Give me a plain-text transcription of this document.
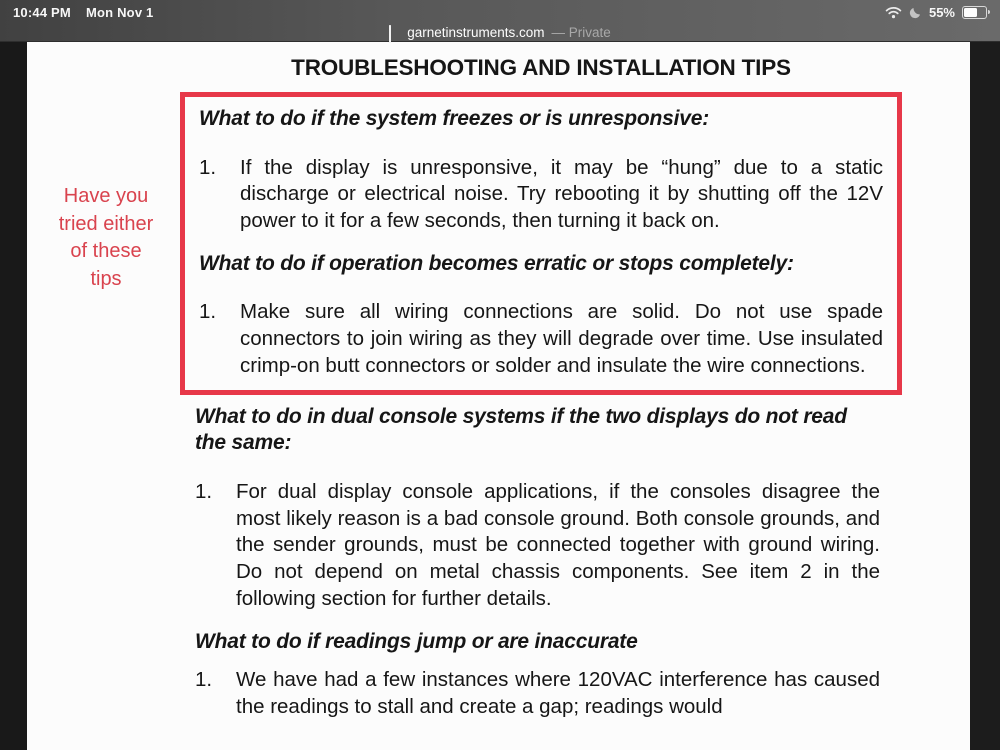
10:44 PM Mon Nov 1	55%
garnetinstruments.com — Private
Have you
tried either
of these
tips
TROUBLESHOOTING AND INSTALLATION TIPS
What to do if the system freezes or is unresponsive:
1.	If the display is unresponsive, it may be “hung” due to a static discharge or electrical noise. Try rebooting it by shutting off the 12V power to it for a few seconds, then turning it back on.
What to do if operation becomes erratic or stops completely:
1.	Make sure all wiring connections are solid. Do not use spade connectors to join wiring as they will degrade over time. Use insulated crimp-on butt connectors or solder and insulate the wire connections.
What to do in dual console systems if the two displays do not read the same:
1.	For dual display console applications, if the consoles disagree the most likely reason is a bad console ground. Both console grounds, and the sender grounds, must be connected together with ground wiring. Do not depend on metal chassis components. See item 2 in the following section for further details.
What to do if readings jump or are inaccurate
1.	We have had a few instances where 120VAC interference has caused the readings to stall and create a gap; readings would
